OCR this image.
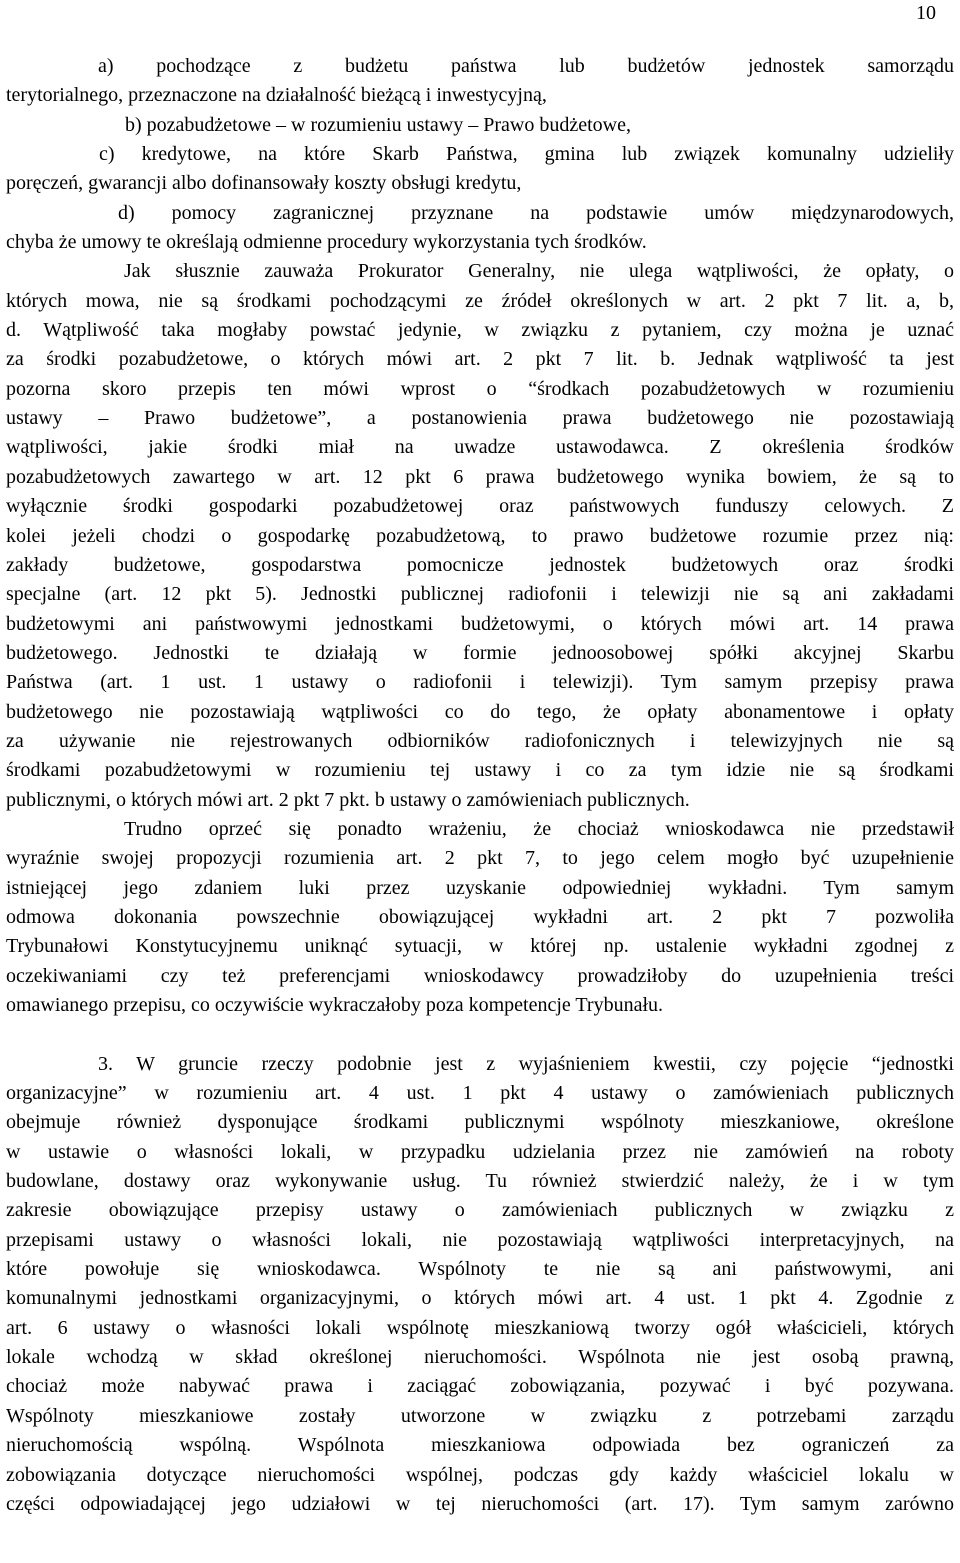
10
a) pochodzące z budżetu państwa lub budżetów jednostek samorządu
terytorialnego, przeznaczone na działalność bieżącą i inwestycyjną,
b) pozabudżetowe – w rozumieniu ustawy – Prawo budżetowe,
c) kredytowe, na które Skarb Państwa, gmina lub związek komunalny udzieliły
poręczeń, gwarancji albo dofinansowały koszty obsługi kredytu,
d) pomocy zagranicznej przyznane na podstawie umów międzynarodowych,
chyba że umowy te określają odmienne procedury wykorzystania tych środków.
Jak słusznie zauważa Prokurator Generalny, nie ulega wątpliwości, że opłaty, o
których mowa, nie są środkami pochodzącymi ze źródeł określonych w art. 2 pkt 7 lit. a, b,
d. Wątpliwość taka mogłaby powstać jedynie, w związku z pytaniem, czy można je uznać
za środki pozabudżetowe, o których mówi art. 2 pkt 7 lit. b. Jednak wątpliwość ta jest
pozorna skoro przepis ten mówi wprost o “środkach pozabudżetowych w rozumieniu
ustawy – Prawo budżetowe”, a postanowienia prawa budżetowego nie pozostawiają
wątpliwości, jakie środki miał na uwadze ustawodawca. Z określenia środków
pozabudżetowych zawartego w art. 12 pkt 6 prawa budżetowego wynika bowiem, że są to
wyłącznie środki gospodarki pozabudżetowej oraz państwowych funduszy celowych. Z
kolei jeżeli chodzi o gospodarkę pozabudżetową, to prawo budżetowe rozumie przez nią:
zakłady budżetowe, gospodarstwa pomocnicze jednostek budżetowych oraz środki
specjalne (art. 12 pkt 5). Jednostki publicznej radiofonii i telewizji nie są ani zakładami
budżetowymi ani państwowymi jednostkami budżetowymi, o których mówi art. 14 prawa
budżetowego. Jednostki te działają w formie jednoosobowej spółki akcyjnej Skarbu
Państwa (art. 1 ust. 1 ustawy o radiofonii i telewizji). Tym samym przepisy prawa
budżetowego nie pozostawiają wątpliwości co do tego, że opłaty abonamentowe i opłaty
za używanie nie rejestrowanych odbiorników radiofonicznych i telewizyjnych nie są
środkami pozabudżetowymi w rozumieniu tej ustawy i co za tym idzie nie są środkami
publicznymi, o których mówi art. 2 pkt 7 pkt. b ustawy o zamówieniach publicznych.
Trudno oprzeć się ponadto wrażeniu, że chociaż wnioskodawca nie przedstawił
wyraźnie swojej propozycji rozumienia art. 2 pkt 7, to jego celem mogło być uzupełnienie
istniejącej jego zdaniem luki przez uzyskanie odpowiedniej wykładni. Tym samym
odmowa dokonania powszechnie obowiązującej wykładni art. 2 pkt 7 pozwoliła
Trybunałowi Konstytucyjnemu uniknąć sytuacji, w której np. ustalenie wykładni zgodnej z
oczekiwaniami czy też preferencjami wnioskodawcy prowadziłoby do uzupełnienia treści
omawianego przepisu, co oczywiście wykraczałoby poza kompetencje Trybunału.
3. W gruncie rzeczy podobnie jest z wyjaśnieniem kwestii, czy pojęcie “jednostki
organizacyjne” w rozumieniu art. 4 ust. 1 pkt 4 ustawy o zamówieniach publicznych
obejmuje również dysponujące środkami publicznymi wspólnoty mieszkaniowe, określone
w ustawie o własności lokali, w przypadku udzielania przez nie zamówień na roboty
budowlane, dostawy oraz wykonywanie usług. Tu również stwierdzić należy, że i w tym
zakresie obowiązujące przepisy ustawy o zamówieniach publicznych w związku z
przepisami ustawy o własności lokali, nie pozostawiają wątpliwości interpretacyjnych, na
które powołuje się wnioskodawca. Wspólnoty te nie są ani państwowymi, ani
komunalnymi jednostkami organizacyjnymi, o których mówi art. 4 ust. 1 pkt 4. Zgodnie z
art. 6 ustawy o własności lokali wspólnotę mieszkaniową tworzy ogół właścicieli, których
lokale wchodzą w skład określonej nieruchomości. Wspólnota nie jest osobą prawną,
chociaż może nabywać prawa i zaciągać zobowiązania, pozywać i być pozywana.
Wspólnoty mieszkaniowe zostały utworzone w związku z potrzebami zarządu
nieruchomością wspólną. Wspólnota mieszkaniowa odpowiada bez ograniczeń za
zobowiązania dotyczące nieruchomości wspólnej, podczas gdy każdy właściciel lokalu w
części odpowiadającej jego udziałowi w tej nieruchomości (art. 17). Tym samym zarówno
